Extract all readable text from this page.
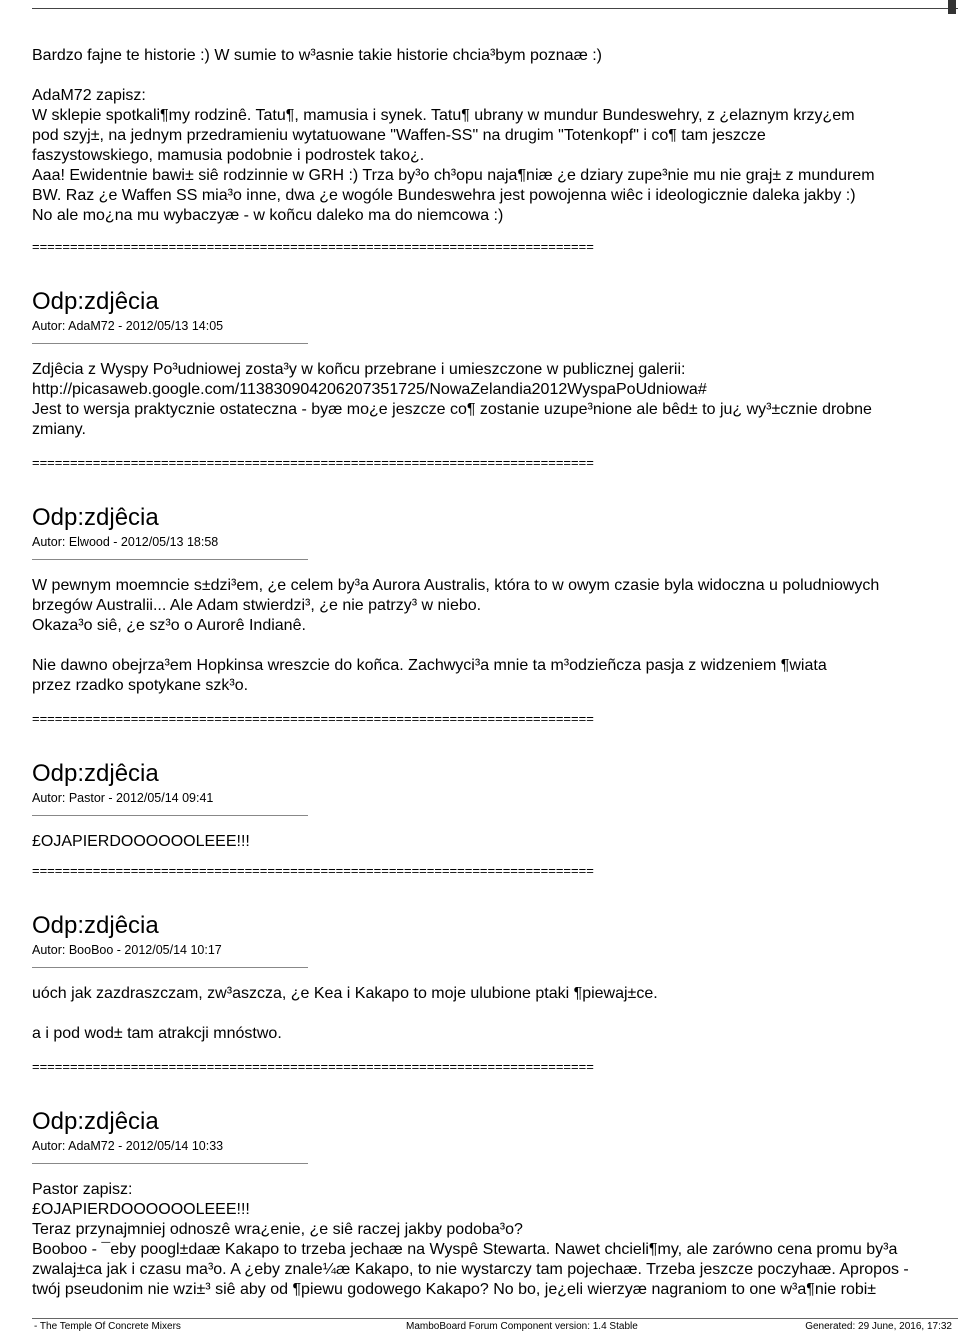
Bardzo fajne te historie :) W sumie to w³asnie takie historie chcia³bym poznaæ :)
AdaM72 zapisz:
W sklepie spotkali¶my rodzinê. Tatu¶, mamusia i synek. Tatu¶ ubrany w mundur Bundeswehry, z ¿elaznym krzy¿em
pod szyj±, na jednym przedramieniu wytatuowane "Waffen-SS" na drugim "Totenkopf" i co¶ tam jeszcze
faszystowskiego, mamusia podobnie i podrostek tako¿.
Aaa! Ewidentnie bawi± siê rodzinnie w GRH :) Trza by³o ch³opu naja¶niæ ¿e dziary zupe³nie mu nie graj± z mundurem
BW. Raz ¿e Waffen SS mia³o inne, dwa ¿e wogóle Bundeswehra jest powojenna wiêc i ideologicznie daleka jakby :)
No ale mo¿na mu wybaczyæ - w koñcu daleko ma do niemcowa :)
==========================================================================
Odp:zdjêcia
Autor: AdaM72 - 2012/05/13 14:05
Zdjêcia z Wyspy Po³udniowej zosta³y w koñcu przebrane i umieszczone w publicznej galerii:
http://picasaweb.google.com/113830904206207351725/NowaZelandia2012WyspaPoUdniowa#
Jest to wersja praktycznie ostateczna - byæ mo¿e jeszcze co¶ zostanie uzupe³nione ale bêd± to ju¿ wy³±cznie drobne
zmiany.
==========================================================================
Odp:zdjêcia
Autor: Elwood - 2012/05/13 18:58
W pewnym moemncie s±dzi³em, ¿e celem by³a Aurora Australis, która to w owym czasie byla widoczna u poludniowych
brzegów Australii... Ale Adam stwierdzi³, ¿e nie patrzy³ w niebo.
Okaza³o siê, ¿e sz³o o Aurorê Indianê.
Nie dawno obejrza³em Hopkinsa wreszcie do koñca. Zachwyci³a mnie ta m³odzieñcza pasja z widzeniem ¶wiata
przez rzadko spotykane szk³o.
==========================================================================
Odp:zdjêcia
Autor: Pastor - 2012/05/14 09:41
£OJAPIERDOOOOOOLEEE!!!
==========================================================================
Odp:zdjêcia
Autor: BooBoo - 2012/05/14 10:17
uóch jak zazdraszczam, zw³aszcza, ¿e Kea i Kakapo to moje ulubione ptaki ¶piewaj±ce.
a i pod wod± tam atrakcji mnóstwo.
==========================================================================
Odp:zdjêcia
Autor: AdaM72 - 2012/05/14 10:33
Pastor zapisz:
£OJAPIERDOOOOOOLEEE!!!
Teraz przynajmniej odnoszê wra¿enie, ¿e siê raczej jakby podoba³o?
Booboo - ¯eby poogl±daæ Kakapo to trzeba jechaæ na Wyspê Stewarta. Nawet chcieli¶my, ale zarówno cena promu by³a
zwalaj±ca jak i czasu ma³o. A ¿eby znale¼æ Kakapo, to nie wystarczy tam pojechaæ. Trzeba jeszcze poczyhaæ. Apropos -
twój pseudonim nie wzi±³ siê aby od ¶piewu godowego Kakapo? No bo, je¿eli wierzyæ nagraniom to one w³a¶nie robi±
- The Temple Of Concrete Mixers	MamboBoard Forum Component version: 1.4 Stable	Generated: 29 June, 2016, 17:32
